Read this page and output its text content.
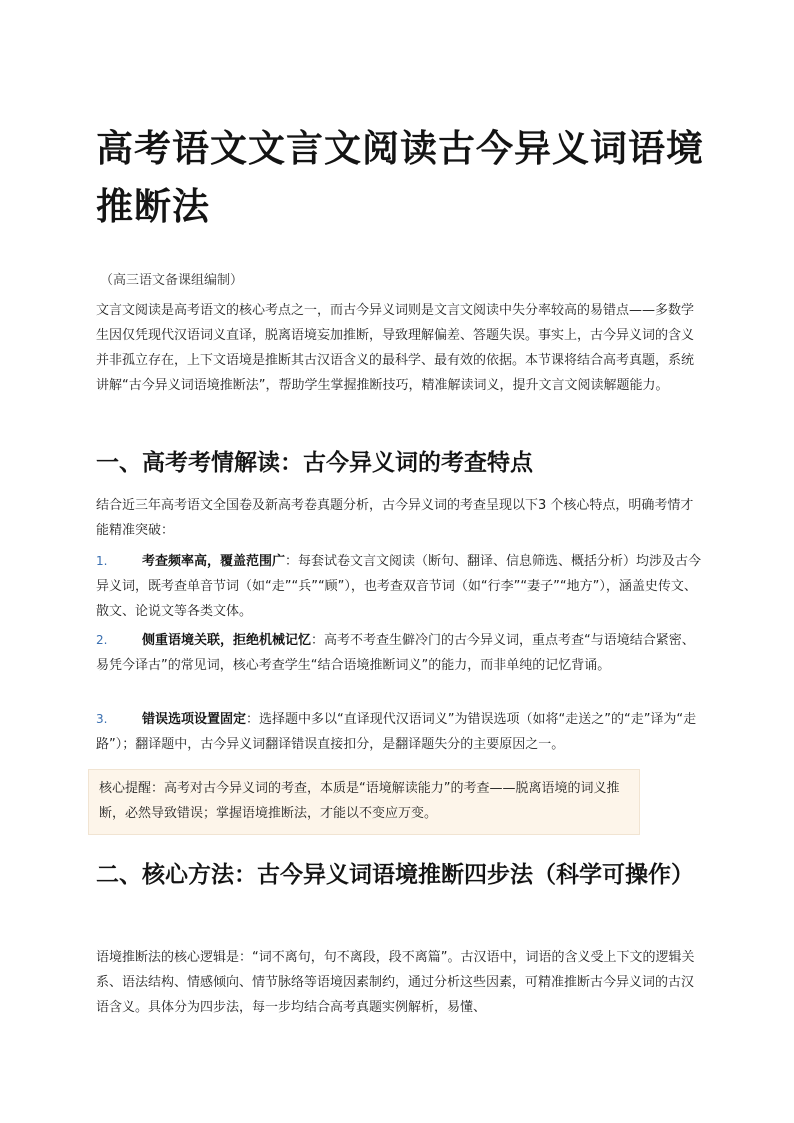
高考语文文言文阅读古今异义词语境推断法
（高三语文备课组编制）
文言文阅读是高考语文的核心考点之一，而古今异义词则是文言文阅读中失分率较高的易错点——多数学生因仅凭现代汉语词义直译，脱离语境妄加推断，导致理解偏差、答题失误。事实上，古今异义词的含义并非孤立存在，上下文语境是推断其古汉语含义的最科学、最有效的依据。本节课将结合高考真题，系统讲解“古今异义词语境推断法”，帮助学生掌握推断技巧，精准解读词义，提升文言文阅读解题能力。
一、高考考情解读：古今异义词的考查特点
结合近三年高考语文全国卷及新高考卷真题分析，古今异义词的考查呈现以下3 个核心特点，明确考情才能精准突破：
1.	考查频率高，覆盖范围广：每套试卷文言文阅读（断句、翻译、信息筛选、概括分析）均涉及古今异义词，既考查单音节词（如“走”“兵”“顾”），也考查双音节词（如“行李”“妻子”“地方”），涵盖史传文、散文、论说文等各类文体。
2.	侧重语境关联，拒绝机械记忆：高考不考查生僻冷门的古今异义词，重点考查“与语境结合紧密、易凭今译古”的常见词，核心考查学生“结合语境推断词义”的能力，而非单纯的记忆背诵。
3.	错误选项设置固定：选择题中多以“直译现代汉语词义”为错误选项（如将“走送之”的“走”译为“走路”）；翻译题中，古今异义词翻译错误直接扣分，是翻译题失分的主要原因之一。
核心提醒：高考对古今异义词的考查，本质是“语境解读能力”的考查——脱离语境的词义推断，必然导致错误；掌握语境推断法，才能以不变应万变。
二、核心方法：古今异义词语境推断四步法（科学可操作）
语境推断法的核心逻辑是：“词不离句，句不离段，段不离篇”。古汉语中，词语的含义受上下文的逻辑关系、语法结构、情感倾向、情节脉络等语境因素制约，通过分析这些因素，可精准推断古今异义词的古汉语含义。具体分为四步法，每一步均结合高考真题实例解析，易懂、
